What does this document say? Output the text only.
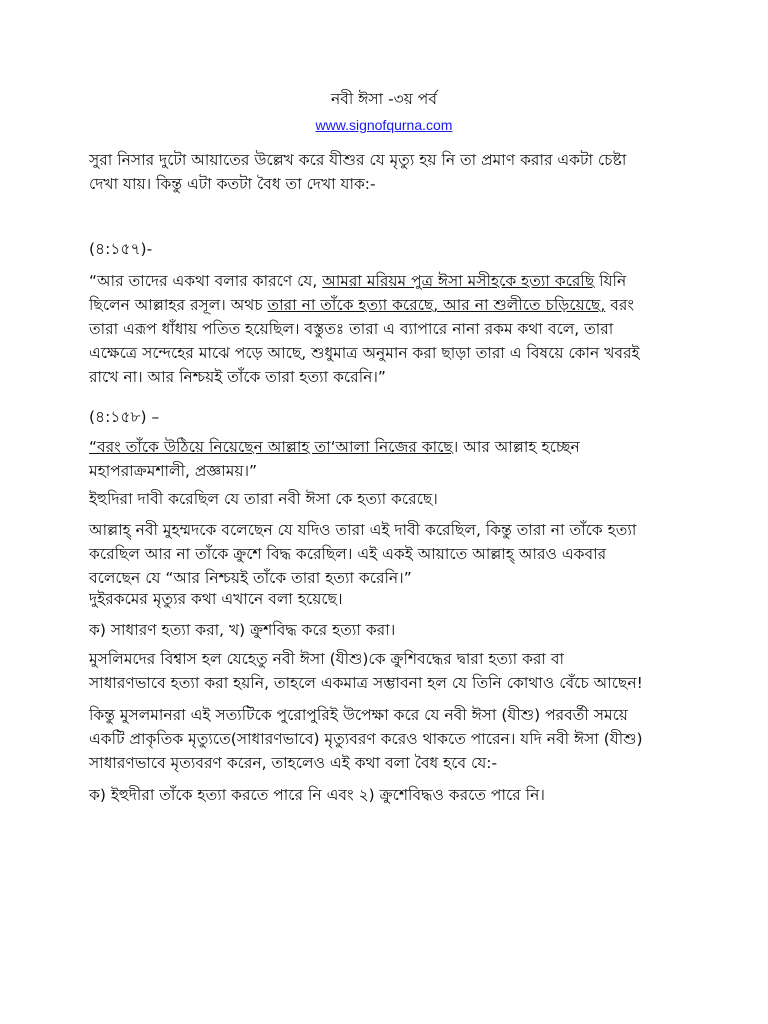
নবী ঈসা -৩য় পর্ব
www.signofqurna.com
সুরা নিসার দুটো আয়াতের উল্লেখ করে যীশুর যে মৃত্যু হয় নি তা প্রমাণ করার একটা চেষ্টা
দেখা যায়। কিন্তু এটা কতটা বৈধ তা দেখা যাক:-
(৪:১৫৭)-
“আর তাদের একথা বলার কারণে যে, আমরা মরিয়ম পুত্র ঈসা মসীহকে হত্যা করেছি যিনি
ছিলেন আল্লাহর রসূল। অথচ তারা না তাঁকে হত্যা করেছে, আর না শুলীতে চড়িয়েছে, বরং
তারা এরূপ ধাঁধায় পতিত হয়েছিল। বস্তুতঃ তারা এ ব্যাপারে নানা রকম কথা বলে, তারা
এক্ষেত্রে সন্দেহের মাঝে পড়ে আছে, শুধুমাত্র অনুমান করা ছাড়া তারা এ বিষয়ে কোন খবরই
রাখে না। আর নিশ্চয়ই তাঁকে তারা হত্যা করেনি।”
(৪:১৫৮) –
“বরং তাঁকে উঠিয়ে নিয়েছেন আল্লাহ তা‘আলা নিজের কাছে। আর আল্লাহ হচ্ছেন
মহাপরাক্রমশালী, প্রজ্ঞাময়।”
ইহুদিরা দাবী করেছিল যে তারা নবী ঈসা কে হত্যা করেছে।
আল্লাহ্‌ নবী মুহম্মদকে বলেছেন যে যদিও তারা এই দাবী করেছিল, কিন্তু তারা না তাঁকে হত্যা
করেছিল আর না তাঁকে ক্রুশে বিদ্ধ করেছিল। এই একই আয়াতে আল্লাহ্‌ আরও একবার
বলেছেন যে “আর নিশ্চয়ই তাঁকে তারা হত্যা করেনি।”
দুইরকমের মৃত্যুর কথা এখানে বলা হয়েছে।
ক) সাধারণ হত্যা করা, খ) ক্রুশবিদ্ধ করে হত্যা করা।
মুসলিমদের বিশ্বাস হল যেহেতু নবী ঈসা (যীশু)কে ক্রুশিবদ্ধের দ্বারা হত্যা করা বা
সাধারণভাবে হত্যা করা হয়নি, তাহলে একমাত্র সম্ভাবনা হল যে তিনি কোথাও বেঁচে আছেন!
কিন্তু মুসলমানরা এই সত্যটিকে পুরোপুরিই উপেক্ষা করে যে নবী ঈসা (যীশু) পরবর্তী সময়ে
একটি প্রাকৃতিক মৃত্যুতে(সাধারণভাবে) মৃত্যুবরণ করেও থাকতে পারেন। যদি নবী ঈসা (যীশু)
সাধারণভাবে মৃত্যবরণ করেন, তাহলেও এই কথা বলা বৈধ হবে যে:-
ক) ইহুদীরা তাঁকে হত্যা করতে পারে নি এবং ২) ক্রুশেবিদ্ধও করতে পারে নি।
